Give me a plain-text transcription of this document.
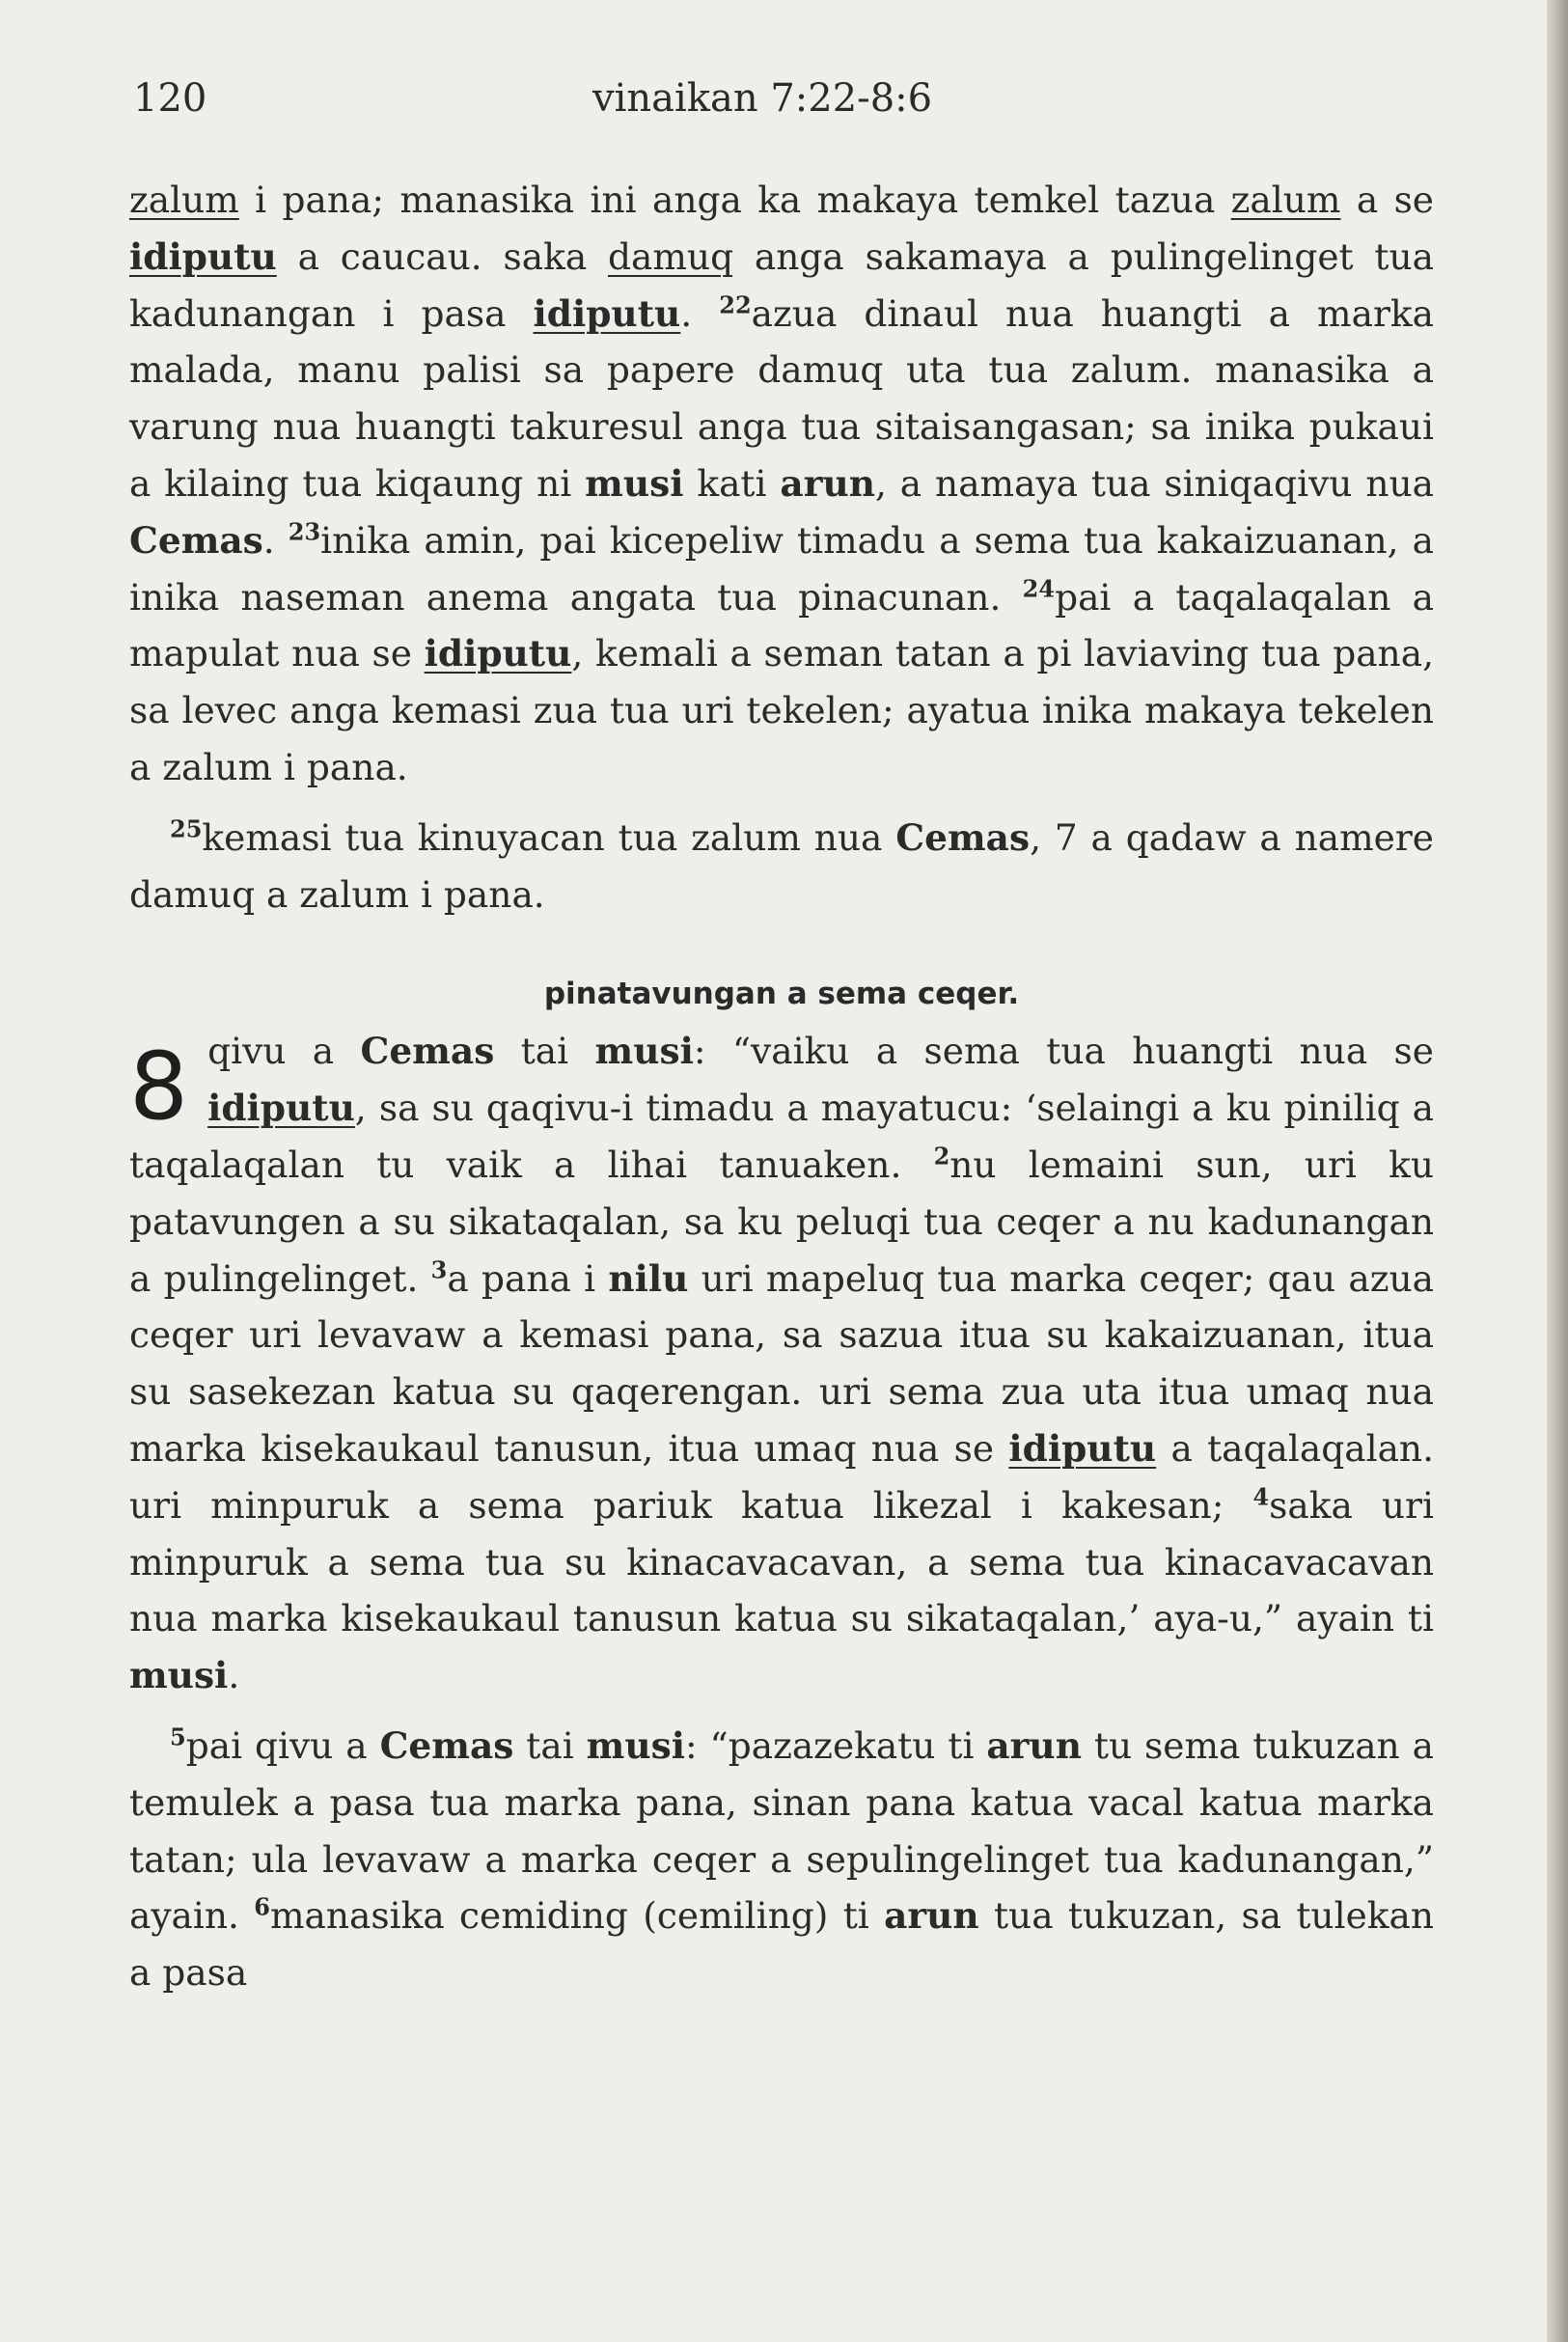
120	vinaikan 7:22-8:6

zalum i pana; manasika ini anga ka makaya temkel tazua zalum a se idiputu a caucau. saka damuq anga sakamaya a pulingelinget tua kadunangan i pasa idiputu. $^{22}$azua dinaul nua huangti a marka malada, manu palisi sa papere damuq uta tua zalum. manasika a varung nua huangti takuresul anga tua sitaisangasan; sa inika pukaui a kilaing tua kiqaung ni musi kati arun, a namaya tua siniqaqivu nua Cemas. $^{23}$inika amin, pai kicepeliw timadu a sema tua kakaizuanan, a inika naseman anema angata tua pinacunan. $^{24}$pai a taqalaqalan a mapulat nua se idiputu, kemali a seman tatan a pi laviaving tua pana, sa levec anga kemasi zua tua uri tekelen; ayatua inika makaya tekelen a zalum i pana.

$^{25}$kemasi tua kinuyacan tua zalum nua Cemas, 7 a qadaw a namere damuq a zalum i pana.

pinatavungan a sema ceqer.

8 qivu a Cemas tai musi: “vaiku a sema tua huangti nua se idiputu, sa su qaqivu-i timadu a mayatucu: ‘selaingi a ku piniliq a taqalaqalan tu vaik a lihai tanuaken. $^2$nu lemaini sun, uri ku patavungen a su sikataqalan, sa ku peluqi tua ceqer a nu kadunangan a pulingelinget. $^3$a pana i nilu uri mapeluq tua marka ceqer; qau azua ceqer uri levavaw a kemasi pana, sa sazua itua su kakaizuanan, itua su sasekezan katua su qaqerengan. uri sema zua uta itua umaq nua marka kisekaukaul tanusun, itua umaq nua se idiputu a taqalaqalan. uri minpuruk a sema pariuk katua likezal i kakesan; $^4$saka uri minpuruk a sema tua su kinacavacavan, a sema tua kinacavacavan nua marka kisekaukaul tanusun katua su sikataqalan,’ aya-u,” ayain ti musi.

$^5$pai qivu a Cemas tai musi: “pazazekatu ti arun tu sema tukuzan a temulek a pasa tua marka pana, sinan pana katua vacal katua marka tatan; ula levavaw a marka ceqer a sepulingelinget tua kadunangan,” ayain. $^6$manasika cemiding (cemiling) ti arun tua tukuzan, sa tulekan a pasa
